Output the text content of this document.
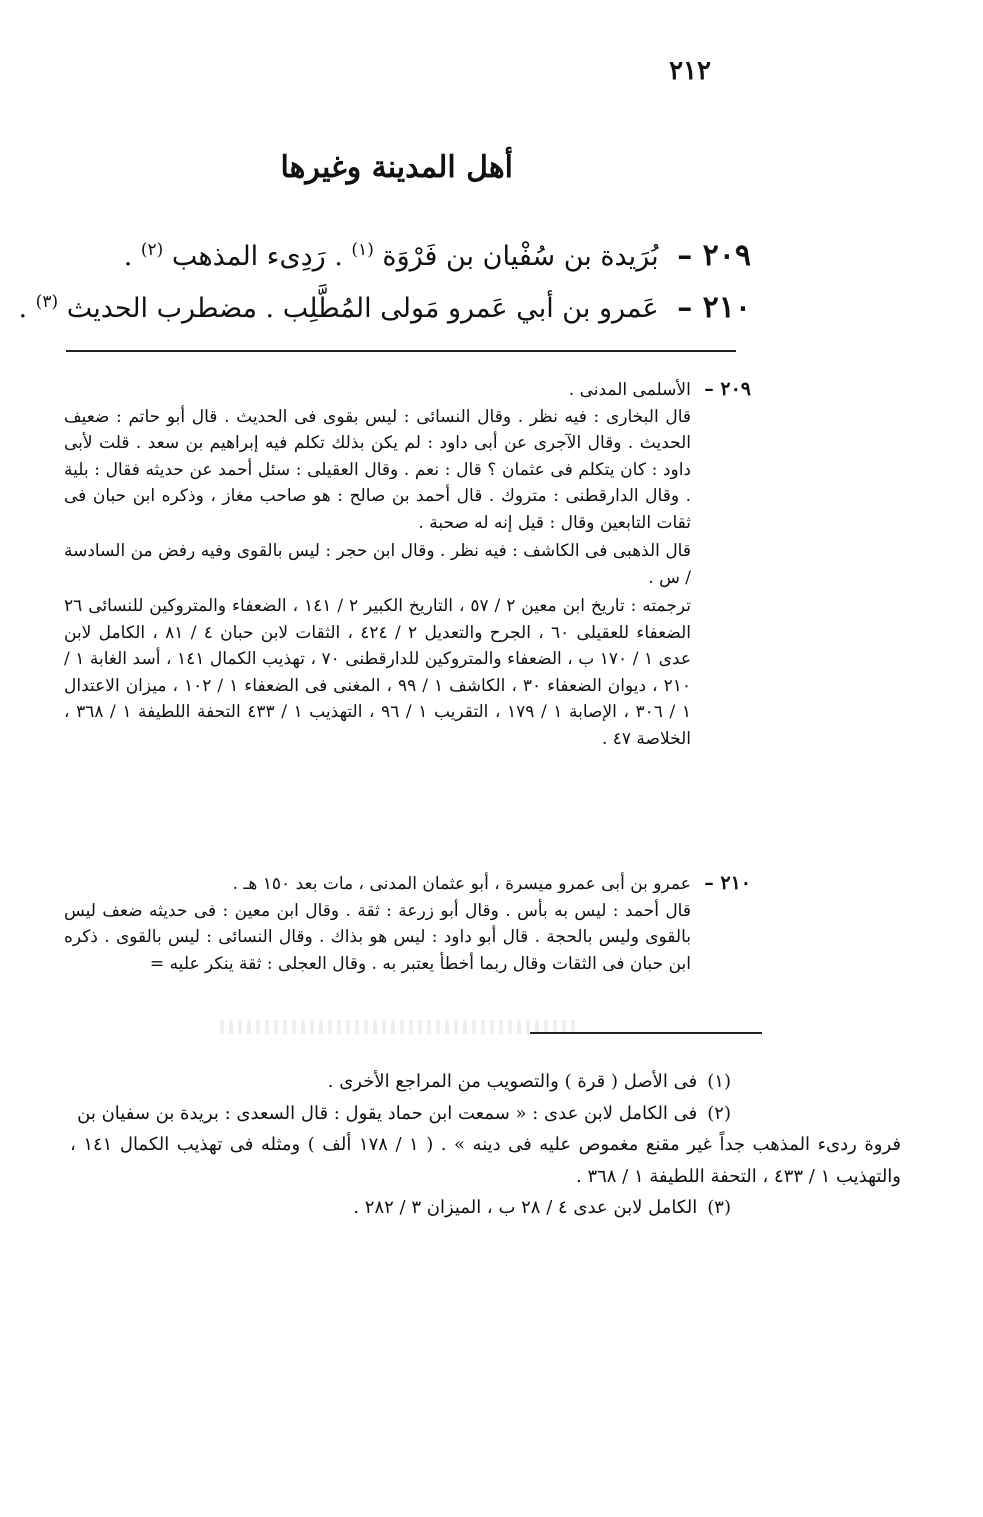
٢١٢
أهل المدينة وغيرها
٢٠٩ – بُرَيدة بن سُفْيان بن فَرْوَة $^{(١)}$ . رَدِىء المذهب $^{(٢)}$ .
٢١٠ – عَمرو بن أبي عَمرو مَولى المُطَّلِب . مضطرب الحديث $^{(٣)}$ .
٢٠٩ – الأسلمى المدنى .
قال البخارى : فيه نظر . وقال النسائى : ليس بقوى فى الحديث . قال أبو حاتم : ضعيف الحديث . وقال الآجرى عن أبى داود : لم يكن بذلك تكلم فيه إبراهيم بن سعد . قلت لأبى داود : كان يتكلم فى عثمان ؟ قال : نعم . وقال العقيلى : سئل أحمد عن حديثه فقال : بلية . وقال الدارقطنى : متروك . قال أحمد بن صالح : هو صاحب مغاز ، وذكره ابن حبان فى ثقات التابعين وقال : قيل إنه له صحبة .
قال الذهبى فى الكاشف : فيه نظر . وقال ابن حجر : ليس بالقوى وفيه رفض من السادسة / س .
ترجمته : تاريخ ابن معين ٢ / ٥٧ ، التاريخ الكبير ٢ / ١٤١ ، الضعفاء والمتروكين للنسائى ٢٦ الضعفاء للعقيلى ٦٠ ، الجرح والتعديل ٢ / ٤٢٤ ، الثقات لابن حبان ٤ / ٨١ ، الكامل لابن عدى ١ / ١٧٠ ب ، الضعفاء والمتروكين للدارقطنى ٧٠ ، تهذيب الكمال ١٤١ ، أسد الغابة ١ / ٢١٠ ، ديوان الضعفاء ٣٠ ، الكاشف ١ / ٩٩ ، المغنى فى الضعفاء ١ / ١٠٢ ، ميزان الاعتدال ١ / ٣٠٦ ، الإصابة ١ / ١٧٩ ، التقريب ١ / ٩٦ ، التهذيب ١ / ٤٣٣ التحفة اللطيفة ١ / ٣٦٨ ، الخلاصة ٤٧ .
٢١٠ – عمرو بن أبى عمرو ميسرة ، أبو عثمان المدنى ، مات بعد ١٥٠ هـ .
قال أحمد : ليس به بأس . وقال أبو زرعة : ثقة . وقال ابن معين : فى حديثه ضعف ليس بالقوى وليس بالحجة . قال أبو داود : ليس هو بذاك . وقال النسائى : ليس بالقوى . ذكره ابن حبان فى الثقات وقال ربما أخطأ يعتبر به . وقال العجلى : ثقة ينكر عليه =

(١)فى الأصل ( قرة ) والتصويب من المراجع الأخرى .

(٢)فى الكامل لابن عدى : « سمعت ابن حماد يقول : قال السعدى : بريدة بن سفيان بن

فروة ردىء المذهب جداً غير مقنع مغموص عليه فى دينه » . ( ١ / ١٧٨ ألف ) ومثله فى تهذيب الكمال ١٤١ ، والتهذيب ١ / ٤٣٣ ، التحفة اللطيفة ١ / ٣٦٨ .

(٣)الكامل لابن عدى ٤ / ٢٨ ب ، الميزان ٣ / ٢٨٢ .
